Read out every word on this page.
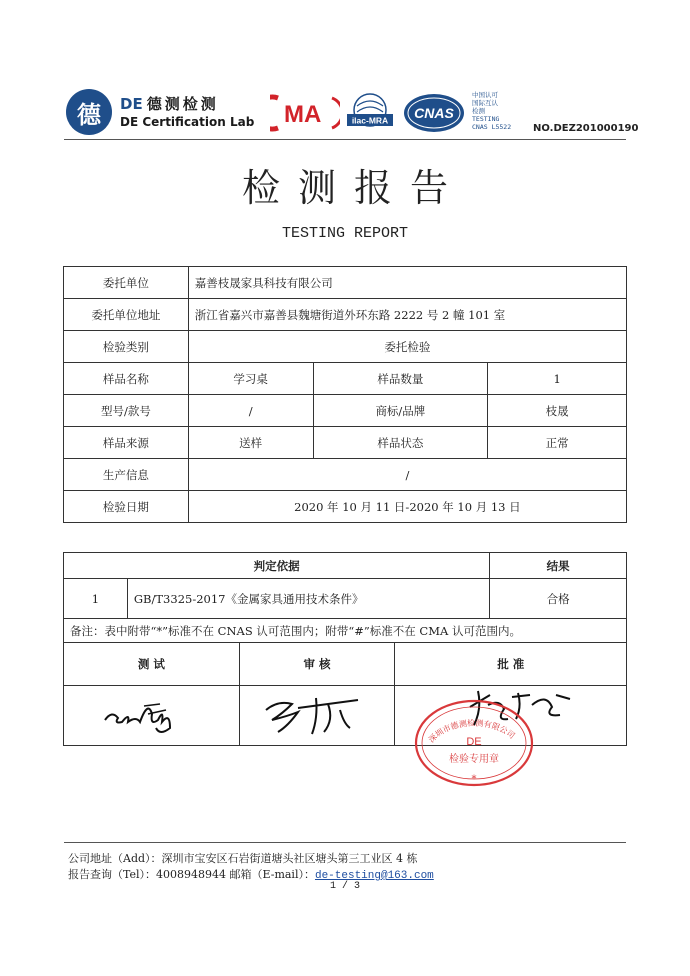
德 DE 德测检测
DE Certification Lab MA	ilac-MRA CNAS
中国认可
国际互认
检测
TESTING
CNAS L5522 NO.DEZ201000190
检测报告
TESTING REPORT
委托单位	嘉善枝晟家具科技有限公司		
委托单位地址	浙江省嘉兴市嘉善县魏塘街道外环东路 2222 号 2 幢 101 室		
检验类别	委托检验		
样品名称	学习桌	样品数量	1
型号/款号	/	商标/品牌	枝晟
样品来源	送样	样品状态	正常
生产信息	/		
检验日期	2020 年 10 月 11 日-2020 年 10 月 13 日		
判定依据				结果
1	GB/T3325-2017《金属家具通用技术条件》			合格
备注：表中附带“*”标准不在 CNAS 认可范围内；附带“#”标准不在 CMA 认可范围内。				
测 试		审 核	批 准	

深圳市德测检测有限公司
DE
检验专用章
*
公司地址（Add）：深圳市宝安区石岩街道塘头社区塘头第三工业区 4 栋
报告查询（Tel）：4008948944 邮箱（E-mail）：de-testing@163.com
1 / 3
